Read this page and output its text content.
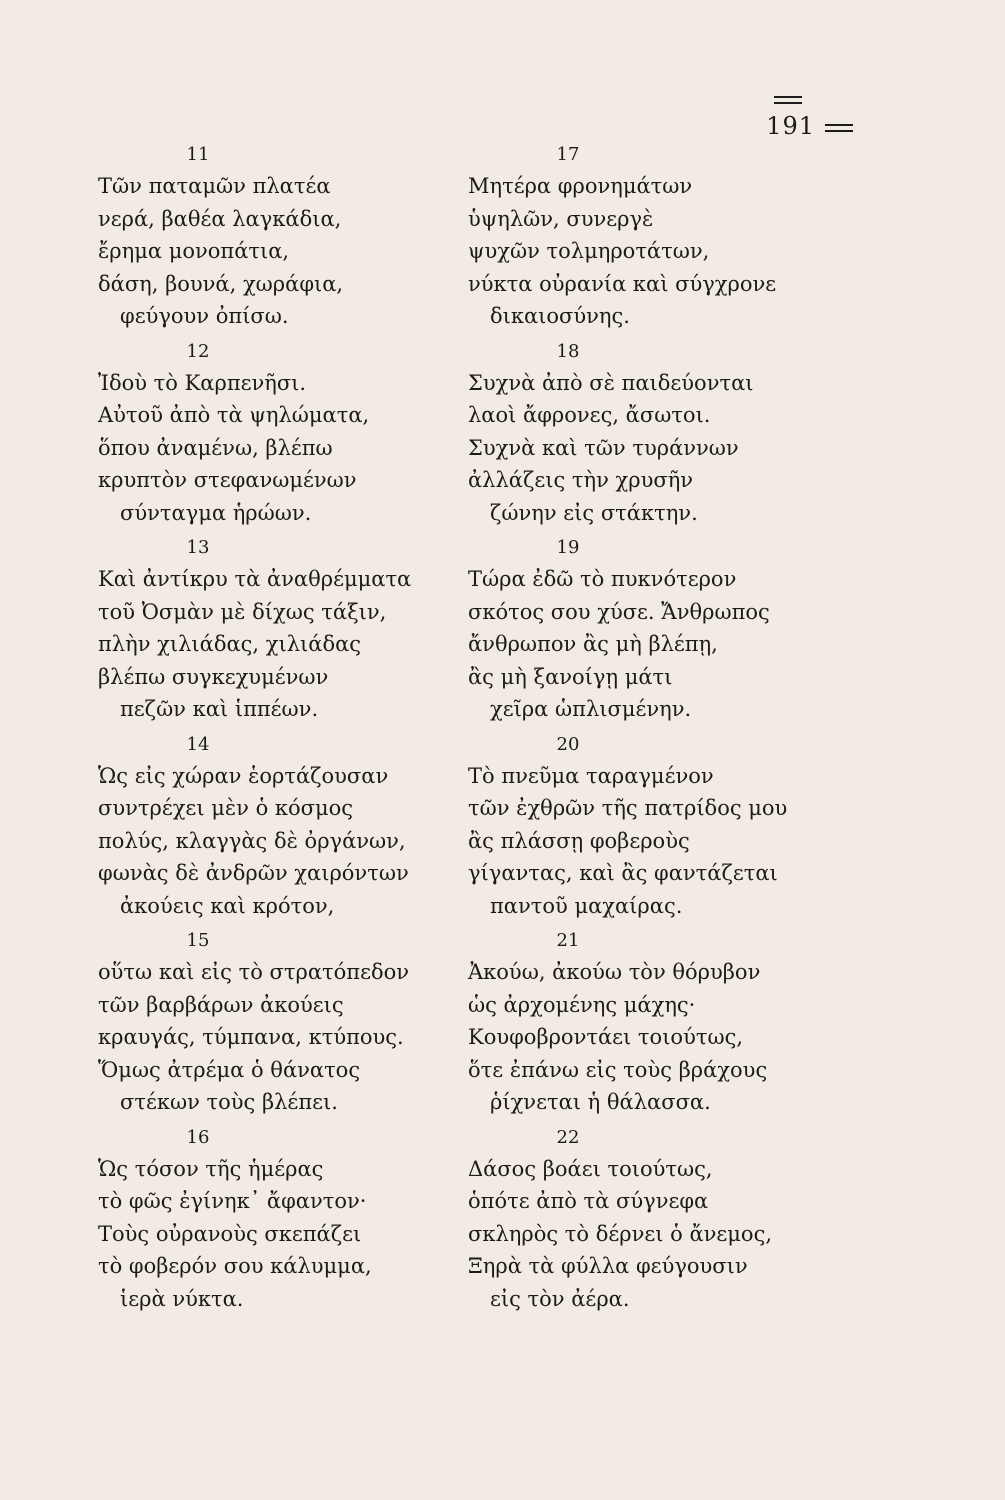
191
11
Τῶν παταμῶν πλατέα
νερά, βαθέα λαγκάδια,
ἔρημα μονοπάτια,
δάση, βουνά, χωράφια,
φεύγουν ὀπίσω.
12
Ἰδοὺ τὸ Καρπενῆσι.
Αὐτοῦ ἀπὸ τὰ ψηλώματα,
ὅπου ἀναμένω, βλέπω
κρυπτὸν στεφανωμένων
σύνταγμα ἡρώων.
13
Καὶ ἀντίκρυ τὰ ἀναθρέμματα
τοῦ Ὀσμὰν μὲ δίχως τάξιν,
πλὴν χιλιάδας, χιλιάδας
βλέπω συγκεχυμένων
πεζῶν καὶ ἱππέων.
14
Ὡς εἰς χώραν ἑορτάζουσαν
συντρέχει μὲν ὁ κόσμος
πολύς, κλαγγὰς δὲ ὀργάνων,
φωνὰς δὲ ἀνδρῶν χαιρόντων
ἀκούεις καὶ κρότον,
15
οὕτω καὶ εἰς τὸ στρατόπεδον
τῶν βαρβάρων ἀκούεις
κραυγάς, τύμπανα, κτύπους.
Ὅμως ἀτρέμα ὁ θάνατος
στέκων τοὺς βλέπει.
16
Ὡς τόσον τῆς ἡμέρας
τὸ φῶς ἐγίνηκ᾿ ἄφαντον·
Τοὺς οὐρανοὺς σκεπάζει
τὸ φοβερόν σου κάλυμμα,
ἱερὰ νύκτα.
17
Μητέρα φρονημάτων
ὑψηλῶν, συνεργὲ
ψυχῶν τολμηροτάτων,
νύκτα οὐρανία καὶ σύγχρονε
δικαιοσύνης.
18
Συχνὰ ἀπὸ σὲ παιδεύονται
λαοὶ ἄφρονες, ἄσωτοι.
Συχνὰ καὶ τῶν τυράννων
ἀλλάζεις τὴν χρυσῆν
ζώνην εἰς στάκτην.
19
Τώρα ἐδῶ τὸ πυκνότερον
σκότος σου χύσε. Ἄνθρωπος
ἄνθρωπον ἂς μὴ βλέπῃ,
ἂς μὴ ξανοίγῃ μάτι
χεῖρα ὡπλισμένην.
20
Τὸ πνεῦμα ταραγμένον
τῶν ἐχθρῶν τῆς πατρίδος μου
ἂς πλάσσῃ φοβεροὺς
γίγαντας, καὶ ἂς φαντάζεται
παντοῦ μαχαίρας.
21
Ἀκούω, ἀκούω τὸν θόρυβον
ὡς ἀρχομένης μάχης·
Κουφοβροντάει τοιούτως,
ὅτε ἐπάνω εἰς τοὺς βράχους
ῥίχνεται ἡ θάλασσα.
22
Δάσος βοάει τοιούτως,
ὁπότε ἀπὸ τὰ σύγνεφα
σκληρὸς τὸ δέρνει ὁ ἄνεμος,
Ξηρὰ τὰ φύλλα φεύγουσιν
εἰς τὸν ἀέρα.
